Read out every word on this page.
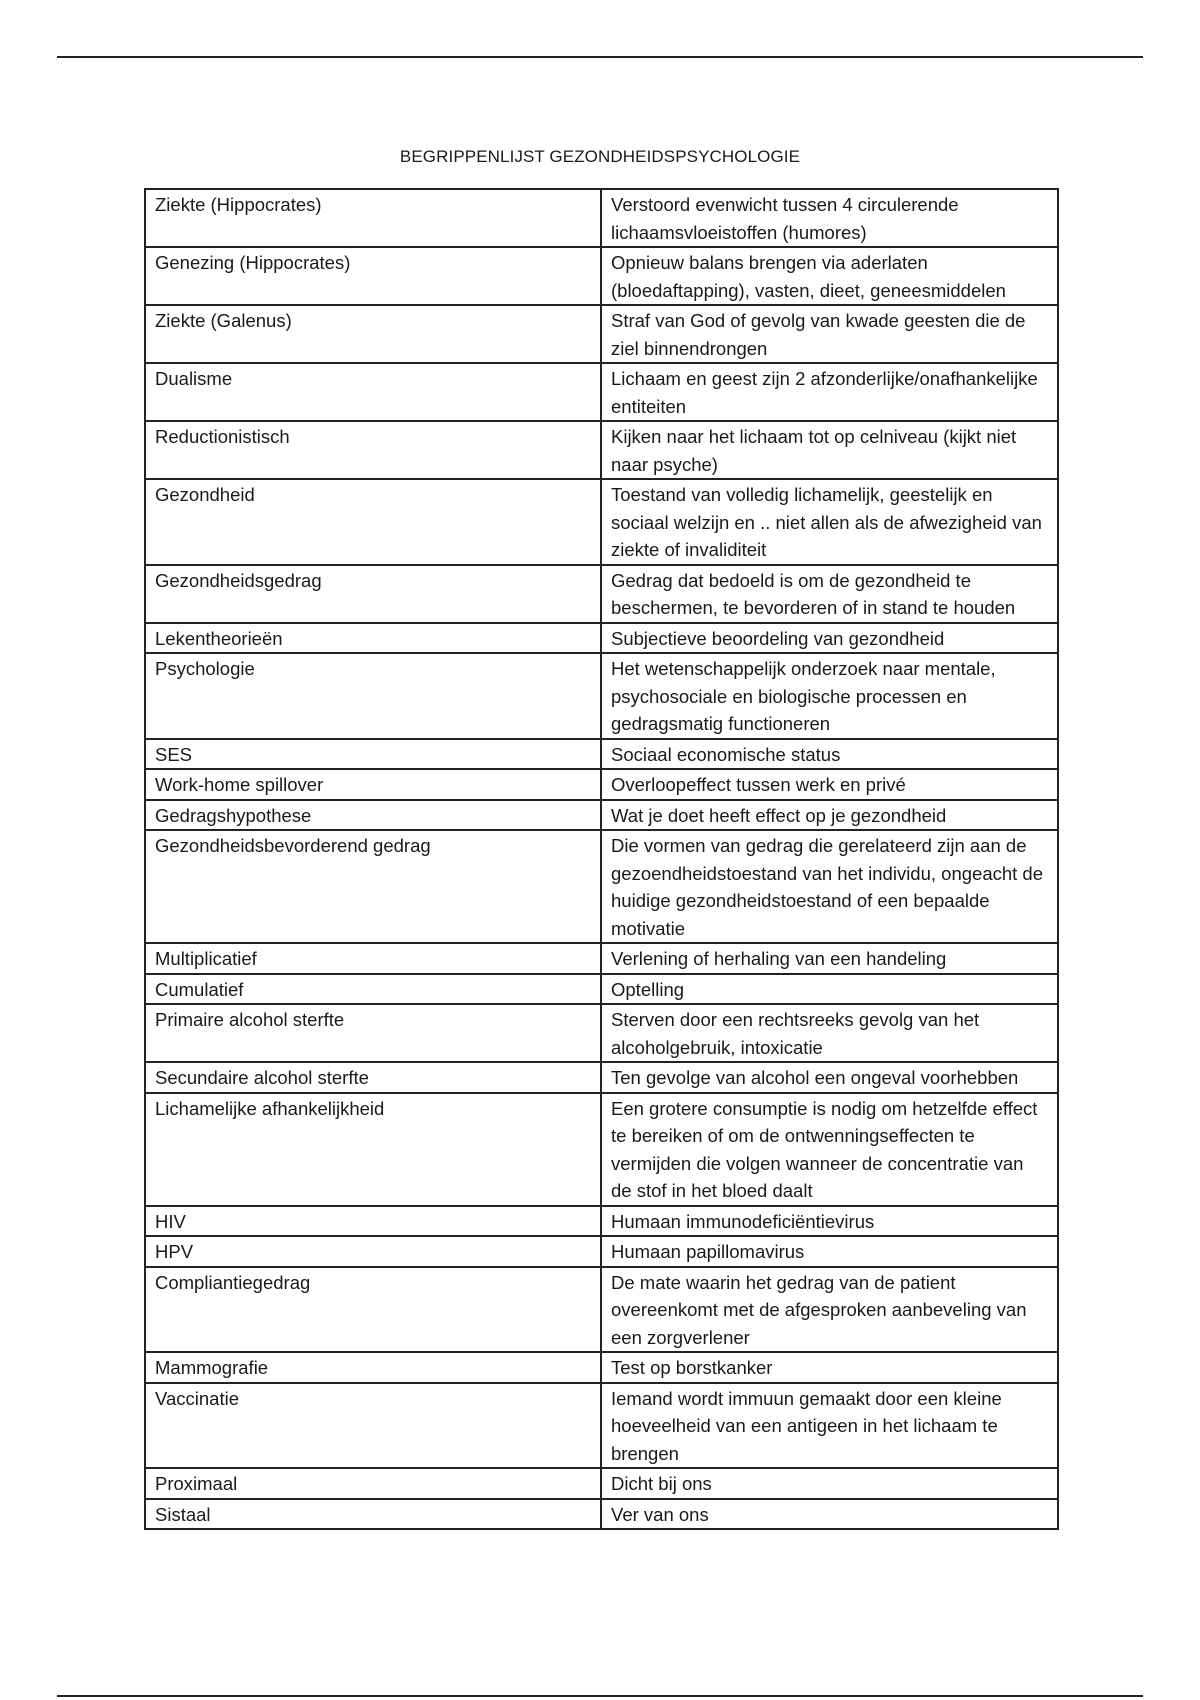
BEGRIPPENLIJST GEZONDHEIDSPSYCHOLOGIE
Ziekte (Hippocrates)	Verstoord evenwicht tussen 4 circulerende lichaamsvloeistoffen (humores)
Genezing (Hippocrates)	Opnieuw balans brengen via aderlaten (bloedaftapping), vasten, dieet, geneesmiddelen
Ziekte (Galenus)	Straf van God of gevolg van kwade geesten die de ziel binnendrongen
Dualisme	Lichaam en geest zijn 2 afzonderlijke/onafhankelijke entiteiten
Reductionistisch	Kijken naar het lichaam tot op celniveau (kijkt niet naar psyche)
Gezondheid	Toestand van volledig lichamelijk, geestelijk en sociaal welzijn en .. niet allen als de afwezigheid van ziekte of invaliditeit
Gezondheidsgedrag	Gedrag dat bedoeld is om de gezondheid te beschermen, te bevorderen of in stand te houden
Lekentheorieën	Subjectieve beoordeling van gezondheid
Psychologie	Het wetenschappelijk onderzoek naar mentale, psychosociale en biologische processen en gedragsmatig functioneren
SES	Sociaal economische status
Work-home spillover	Overloopeffect tussen werk en privé
Gedragshypothese	Wat je doet heeft effect op je gezondheid
Gezondheidsbevorderend gedrag	Die vormen van gedrag die gerelateerd zijn aan de gezoendheidstoestand van het individu, ongeacht de huidige gezondheidstoestand of een bepaalde motivatie
Multiplicatief	Verlening of herhaling van een handeling
Cumulatief	Optelling
Primaire alcohol sterfte	Sterven door een rechtsreeks gevolg van het alcoholgebruik, intoxicatie
Secundaire alcohol sterfte	Ten gevolge van alcohol een ongeval voorhebben
Lichamelijke afhankelijkheid	Een grotere consumptie is nodig om hetzelfde effect te bereiken of om de ontwenningseffecten te vermijden die volgen wanneer de concentratie van de stof in het bloed daalt
HIV	Humaan immunodeficiëntievirus
HPV	Humaan papillomavirus
Compliantiegedrag	De mate waarin het gedrag van de patient overeenkomt met de afgesproken aanbeveling van een zorgverlener
Mammografie	Test op borstkanker
Vaccinatie	Iemand wordt immuun gemaakt door een kleine hoeveelheid van een antigeen in het lichaam te brengen
Proximaal	Dicht bij ons
Sistaal	Ver van ons
